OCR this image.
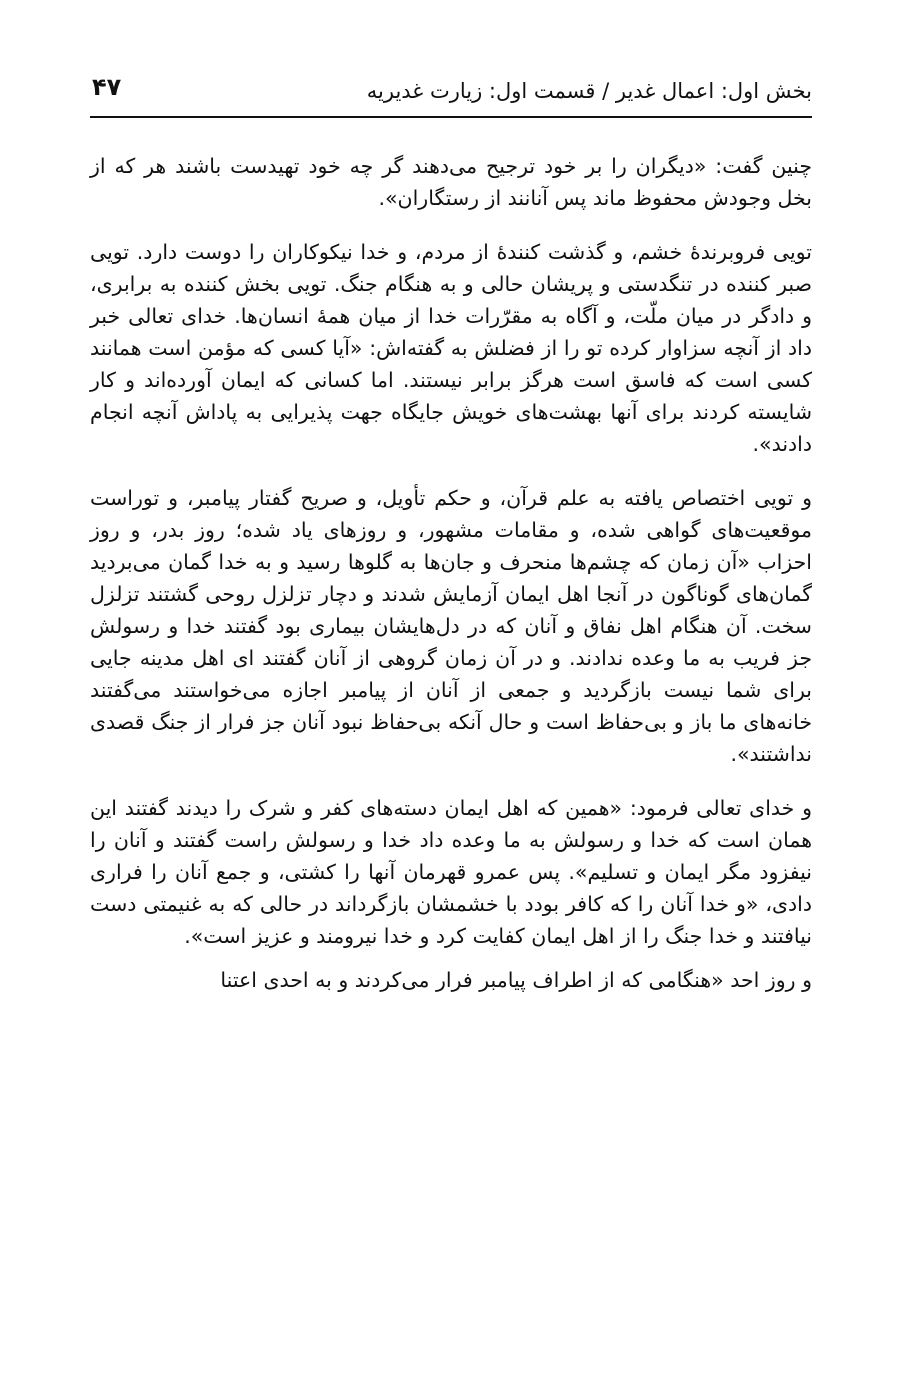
بخش اول: اعمال غدیر / قسمت اول: زیارت غدیریه
۴۷

چنین گفت: «دیگران را بر خود ترجیح می‌دهند گر چه خود تهیدست باشند هر که از بخل وجودش محفوظ ماند پس آنانند از رستگاران».

تویی فروبرندهٔ خشم، و گذشت کنندهٔ از مردم، و خدا نیکوکاران را دوست دارد. تویی صبر کننده در تنگدستی و پریشان حالی و به هنگام جنگ. تویی بخش کننده به برابری، و دادگر در میان ملّت، و آگاه به مقرّرات خدا از میان همهٔ انسان‌ها. خدای تعالی خبر داد از آنچه سزاوار کرده تو را از فضلش به گفته‌اش: «آیا کسی که مؤمن است همانند کسی است که فاسق است هرگز برابر نیستند. اما کسانی که ایمان آورده‌اند و کار شایسته کردند برای آنها بهشت‌های خویش جایگاه جهت پذیرایی به پاداش آنچه انجام دادند».

و تویی اختصاص یافته به علم قرآن، و حکم تأویل، و صریح گفتار پیامبر، و توراست موقعیت‌های گواهی شده، و مقامات مشهور، و روزهای یاد شده؛ روز بدر، و روز احزاب «آن زمان که چشم‌ها منحرف و جان‌ها به گلوها رسید و به خدا گمان می‌بردید گمان‌های گوناگون در آنجا اهل ایمان آزمایش شدند و دچار تزلزل روحی گشتند تزلزل سخت. آن هنگام اهل نفاق و آنان که در دل‌هایشان بیماری بود گفتند خدا و رسولش جز فریب به ما وعده ندادند. و در آن زمان گروهی از آنان گفتند ای اهل مدینه جایی برای شما نیست بازگردید و جمعی از آنان از پیامبر اجازه می‌خواستند می‌گفتند خانه‌های ما باز و بی‌حفاظ است و حال آنکه بی‌حفاظ نبود آنان جز فرار از جنگ قصدی نداشتند».

و خدای تعالی فرمود: «همین که اهل ایمان دسته‌های کفر و شرک را دیدند گفتند این همان است که خدا و رسولش به ما وعده داد خدا و رسولش راست گفتند و آنان را نیفزود مگر ایمان و تسلیم». پس عمرو قهرمان آنها را کشتی، و جمع آنان را فراری دادی، «و خدا آنان را که کافر بودد با خشمشان بازگرداند در حالی که به غنیمتی دست نیافتند و خدا جنگ را از اهل ایمان کفایت کرد و خدا نیرومند و عزیز است».

و روز احد «هنگامی که از اطراف پیامبر فرار می‌کردند و به احدی اعتنا
